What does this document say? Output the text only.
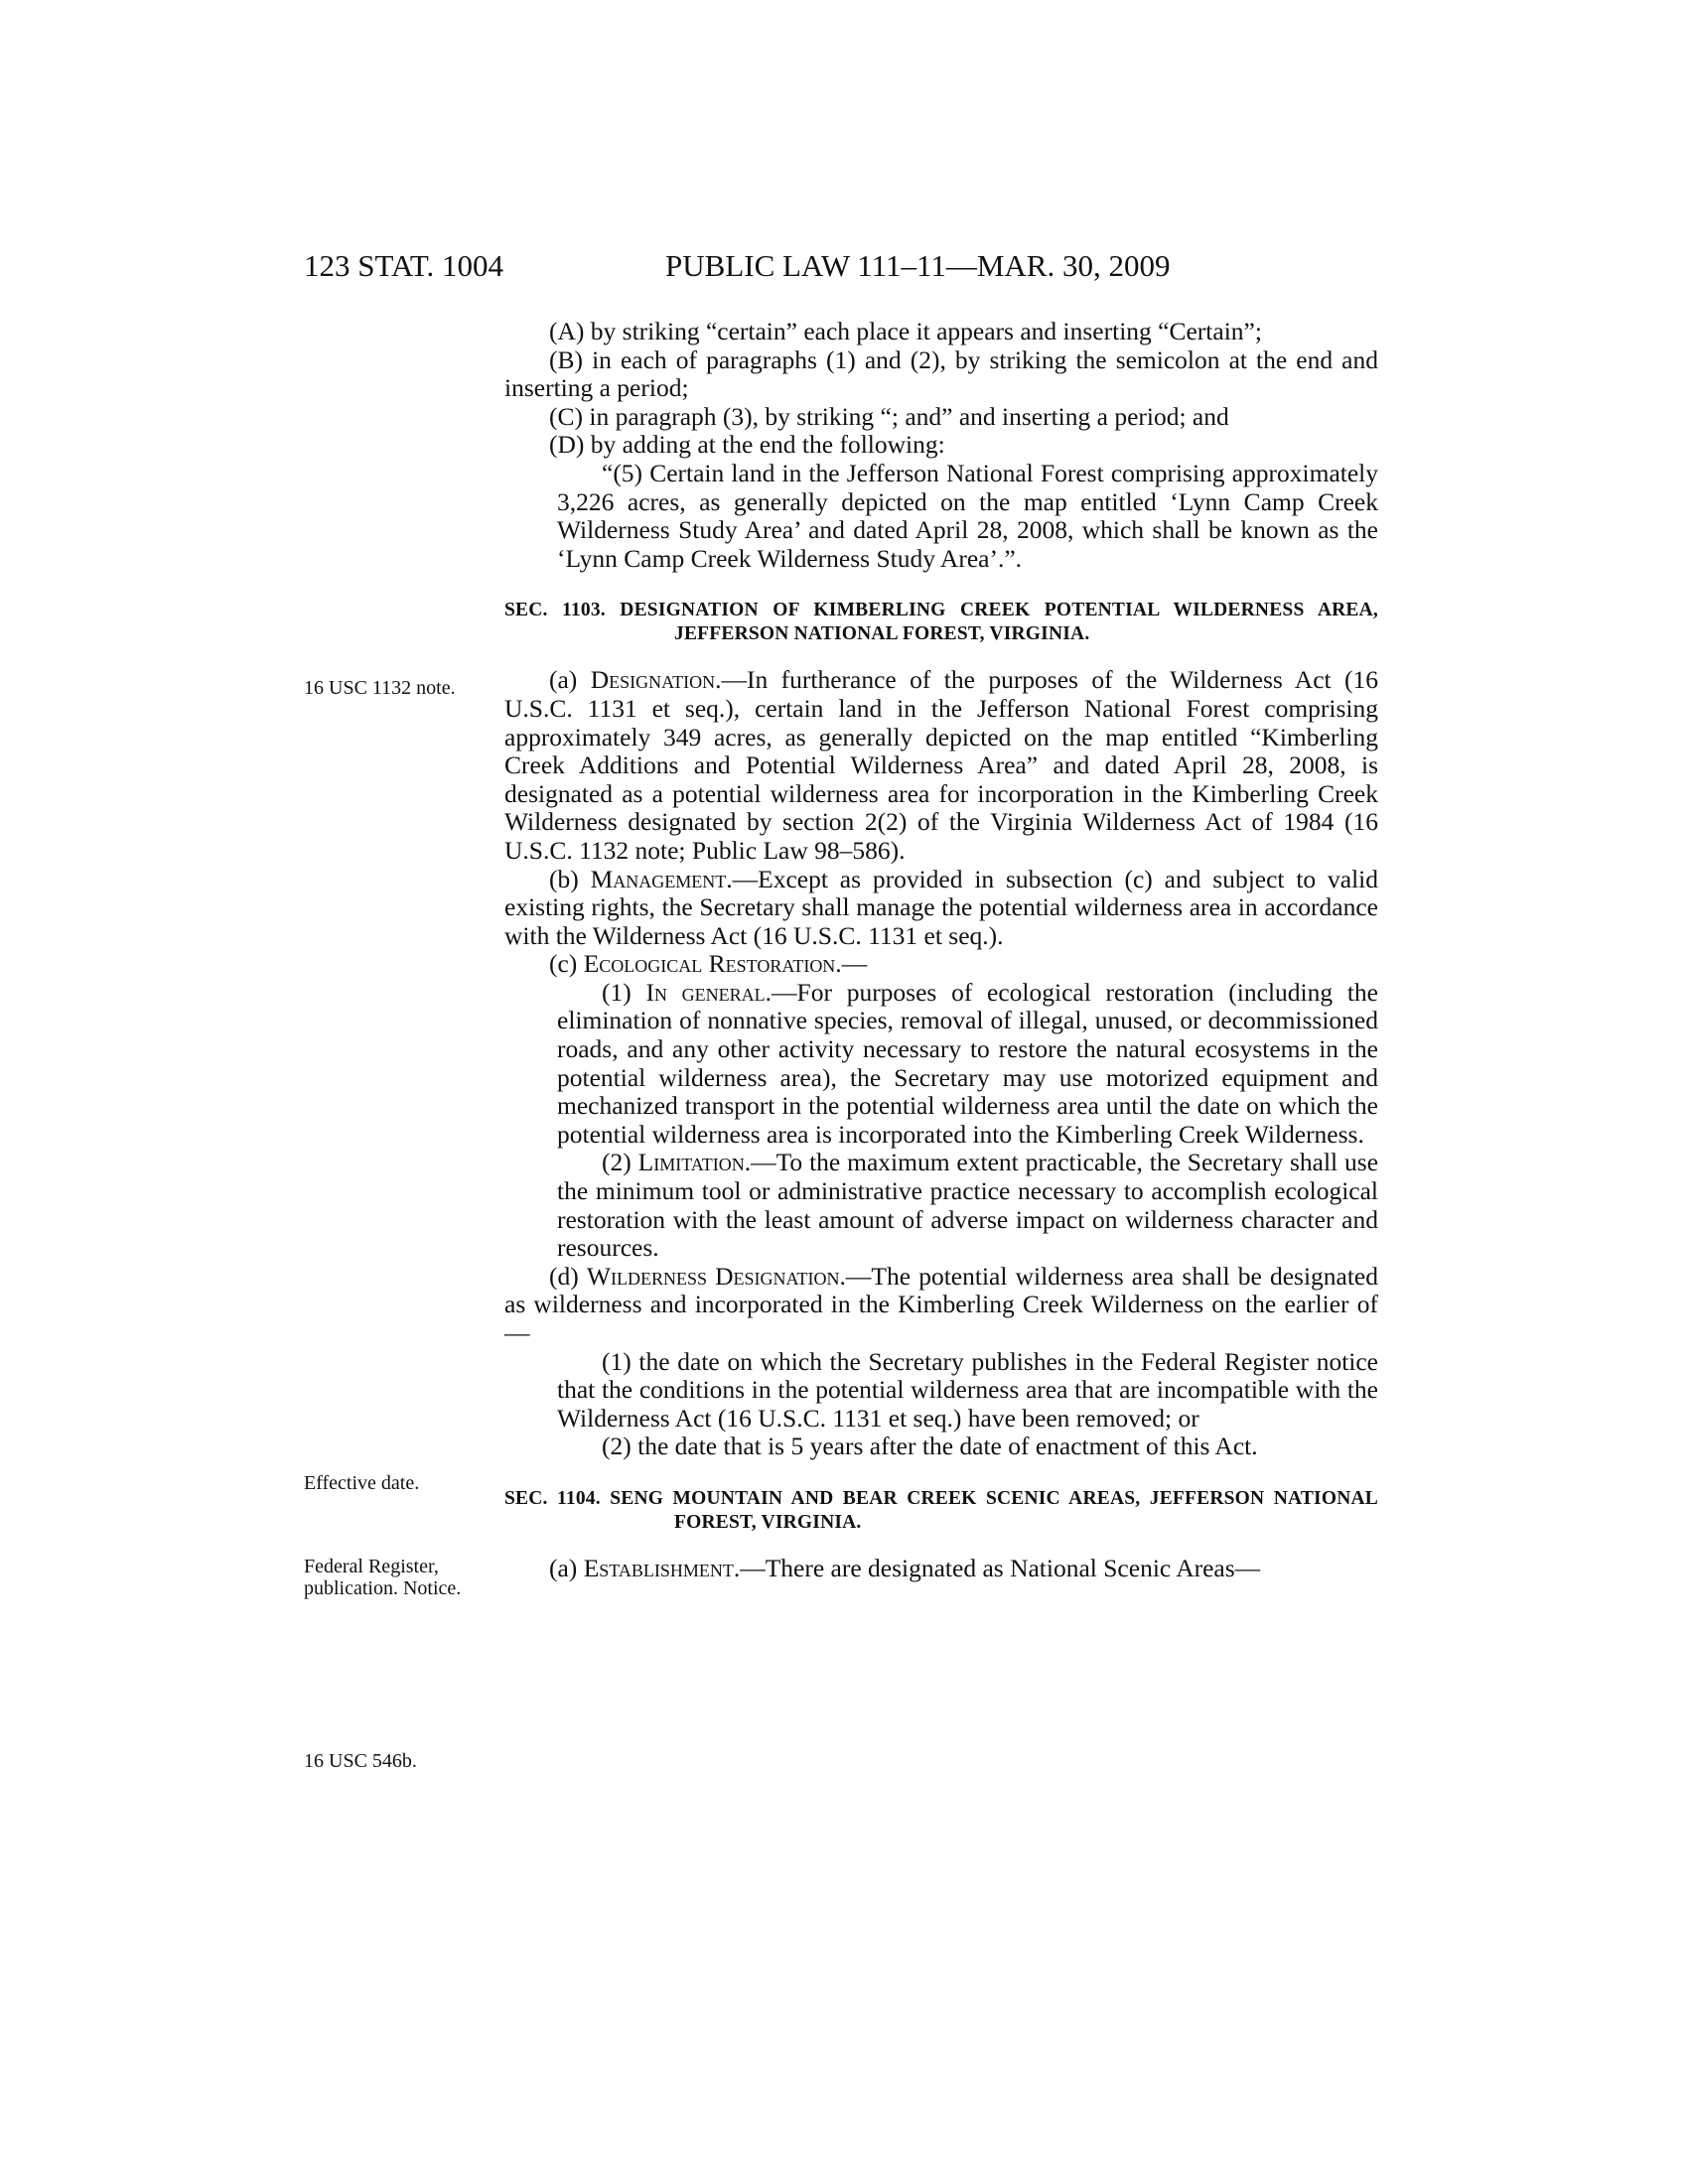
123 STAT. 1004	PUBLIC LAW 111–11—MAR. 30, 2009
16 USC 1132 note.
Effective date.
Federal Register, publication. Notice.
16 USC 546b.

(A) by striking “certain” each place it appears and inserting “Certain”;

(B) in each of paragraphs (1) and (2), by striking the semicolon at the end and inserting a period;

(C) in paragraph (3), by striking “; and” and inserting a period; and

(D) by adding at the end the following:

“(5) Certain land in the Jefferson National Forest comprising approximately 3,226 acres, as generally depicted on the map entitled ‘Lynn Camp Creek Wilderness Study Area’ and dated April 28, 2008, which shall be known as the ‘Lynn Camp Creek Wilderness Study Area’.”.

SEC. 1103. DESIGNATION OF KIMBERLING CREEK POTENTIAL WILDERNESS AREA, JEFFERSON NATIONAL FOREST, VIRGINIA.

(a) Designation.—In furtherance of the purposes of the Wilderness Act (16 U.S.C. 1131 et seq.), certain land in the Jefferson National Forest comprising approximately 349 acres, as generally depicted on the map entitled “Kimberling Creek Additions and Potential Wilderness Area” and dated April 28, 2008, is designated as a potential wilderness area for incorporation in the Kimberling Creek Wilderness designated by section 2(2) of the Virginia Wilderness Act of 1984 (16 U.S.C. 1132 note; Public Law 98–586).

(b) Management.—Except as provided in subsection (c) and subject to valid existing rights, the Secretary shall manage the potential wilderness area in accordance with the Wilderness Act (16 U.S.C. 1131 et seq.).

(c) Ecological Restoration.—

(1) In general.—For purposes of ecological restoration (including the elimination of nonnative species, removal of illegal, unused, or decommissioned roads, and any other activity necessary to restore the natural ecosystems in the potential wilderness area), the Secretary may use motorized equipment and mechanized transport in the potential wilderness area until the date on which the potential wilderness area is incorporated into the Kimberling Creek Wilderness.

(2) Limitation.—To the maximum extent practicable, the Secretary shall use the minimum tool or administrative practice necessary to accomplish ecological restoration with the least amount of adverse impact on wilderness character and resources.

(d) Wilderness Designation.—The potential wilderness area shall be designated as wilderness and incorporated in the Kimberling Creek Wilderness on the earlier of—

(1) the date on which the Secretary publishes in the Federal Register notice that the conditions in the potential wilderness area that are incompatible with the Wilderness Act (16 U.S.C. 1131 et seq.) have been removed; or

(2) the date that is 5 years after the date of enactment of this Act.

SEC. 1104. SENG MOUNTAIN AND BEAR CREEK SCENIC AREAS, JEFFERSON NATIONAL FOREST, VIRGINIA.

(a) Establishment.—There are designated as National Scenic Areas—
